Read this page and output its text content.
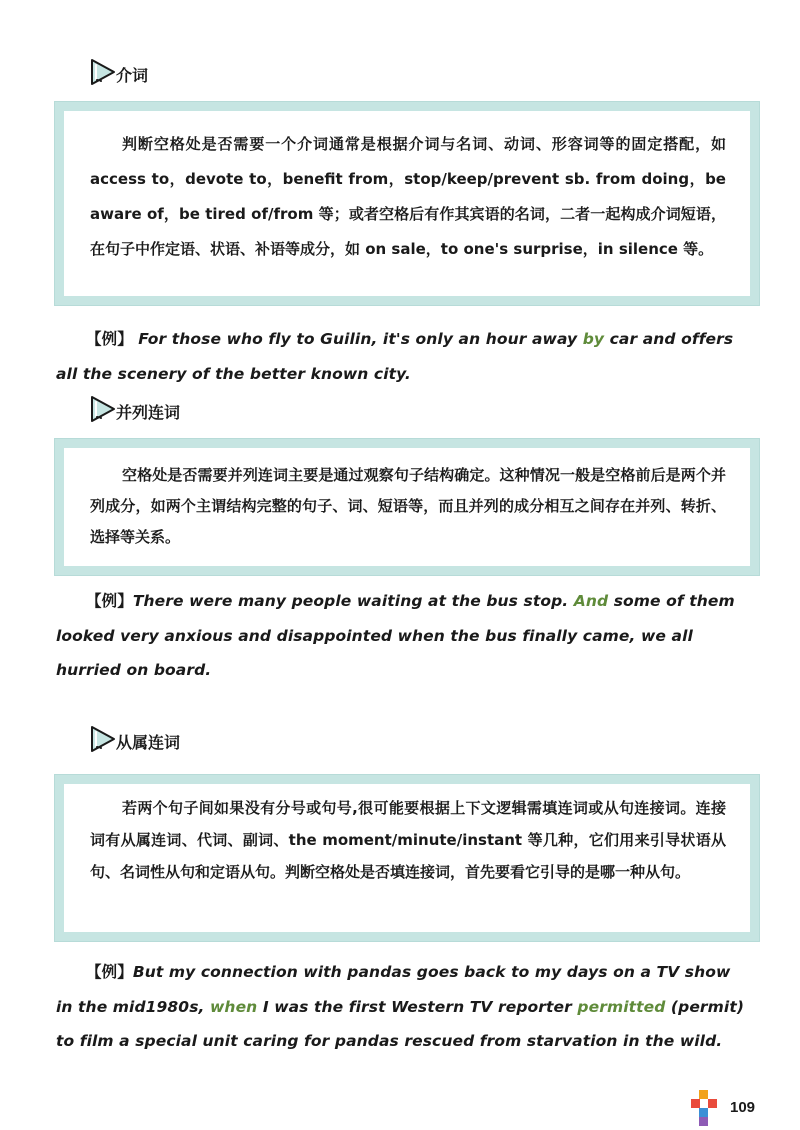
介词

判断空格处是否需要一个介词通常是根据介词与名词、动词、形容词等的固定搭配，如 access to，devote to，benefit from，stop/keep/prevent sb. from doing，be aware of，be tired of/from 等；或者空格后有作其宾语的名词，二者一起构成介词短语，在句子中作定语、状语、补语等成分，如 on sale，to one's surprise，in silence 等。

【例】 For those who fly to Guilin, it's only an hour away by car and offers all the scenery of the better known city.

并列连词

空格处是否需要并列连词主要是通过观察句子结构确定。这种情况一般是空格前后是两个并列成分，如两个主谓结构完整的句子、词、短语等，而且并列的成分相互之间存在并列、转折、选择等关系。

【例】There were many people waiting at the bus stop. And some of them looked very anxious and disappointed when the bus finally came, we all hurried on board.

从属连词

若两个句子间如果没有分号或句号,很可能要根据上下文逻辑需填连词或从句连接词。连接词有从属连词、代词、副词、the moment/minute/instant 等几种，它们用来引导状语从句、名词性从句和定语从句。判断空格处是否填连接词，首先要看它引导的是哪一种从句。

【例】But my connection with pandas goes back to my days on a TV show in the mid1980s, when I was the first Western TV reporter permitted (permit) to film a special unit caring for pandas rescued from starvation in the wild.

109
